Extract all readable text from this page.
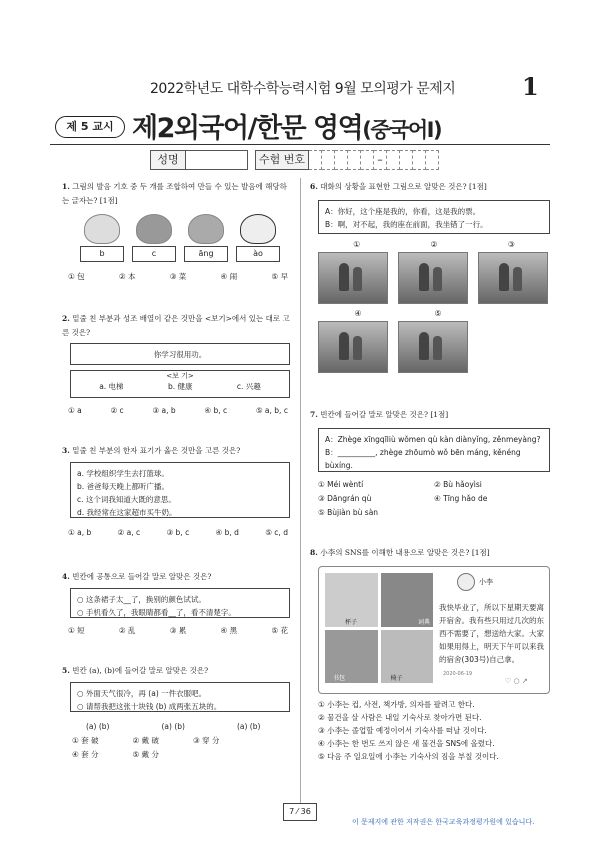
2022학년도 대학수학능력시험 9월 모의평가 문제지	1
제 5 교시 제2외국어/한문 영역(중국어Ⅰ)
성명	수험 번호	–
1. 그림의 발음 기호 중 두 개를 조합하여 만들 수 있는 발음에 해당하는 글자는? [1점]
b	c	āng	ào
① 包	② 本	③ 菜	④ 闹	⑤ 早
2. 밑줄 친 부분과 성조 배열이 같은 것만을 <보기>에서 있는 대로 고른 것은?
你学习很用功。
<보 기>
a. 电梯	b. 健康	c. 兴趣
① a	② c	③ a, b	④ b, c	⑤ a, b, c
3. 밑줄 친 부분의 한자 표기가 옳은 것만을 고른 것은?
a. 学校组织学生去打篮球。
b. 爸爸每天晚上都听广播。
c. 这个词我知道大既的意思。
d. 我经常在这家超市买牛奶。
① a, b	② a, c	③ b, c	④ b, d	⑤ c, d
4. 빈칸에 공통으로 들어갈 말로 알맞은 것은?
○ 这条裙子太__了，换别的颜色试试。
○ 手机看久了，我眼睛都看__了，看不清楚字。
① 短	② 乱	③ 累	④ 黑	⑤ 花
5. 빈칸 (a), (b)에 들어갈 말로 알맞은 것은?
○ 外面天气很冷，再 (a) 一件衣服吧。
○ 请帮我把这张十块钱 (b) 成两张五块的。
(a) (b)	(a) (b)	(a) (b)
① 套 破	② 戴 破	③ 穿 分
④ 套 分	⑤ 戴 分
6. 대화의 상황을 표현한 그림으로 알맞은 것은? [1점]
A：你好，这个座是我的，你看，这是我的票。
B：啊，对不起，我的座在前面，我坐错了一行。
①	②	③
④	⑤
7. 빈칸에 들어갈 말로 알맞은 것은? [1점]
A：Zhège xīngqīliù wǒmen qù kàn diànyǐng, zěnmeyàng?
B：__________, zhège zhōumò wǒ bēn máng, kěnéng bùxíng.
① Méi wèntí	② Bù hǎoyìsi
③ Dāngrán qù	④ Tīng hǎo de
⑤ Bùjiàn bù sàn
8. 小李의 SNS를 이해한 내용으로 알맞은 것은? [1점]
杯子	词典
书包	椅子
小李
我快毕业了，所以下星期天要离开宿舍。我有些只用过几次的东西不需要了，想送给大家。大家如果用得上，明天下午可以来我的宿舍(303号)自己拿。
2020-06-19
♡ ○ ↗
① 小李는 컵, 사전, 책가방, 의자를 팔려고 한다.
② 물건을 살 사람은 내일 기숙사로 찾아가면 된다.
③ 小李는 졸업할 예정이어서 기숙사를 떠날 것이다.
④ 小李는 한 번도 쓰지 않은 새 물건을 SNS에 올렸다.
⑤ 다음 주 일요일에 小李는 기숙사의 짐을 부칠 것이다.
7 ⁄ 36
이 문제지에 관한 저작권은 한국교육과정평가원에 있습니다.
